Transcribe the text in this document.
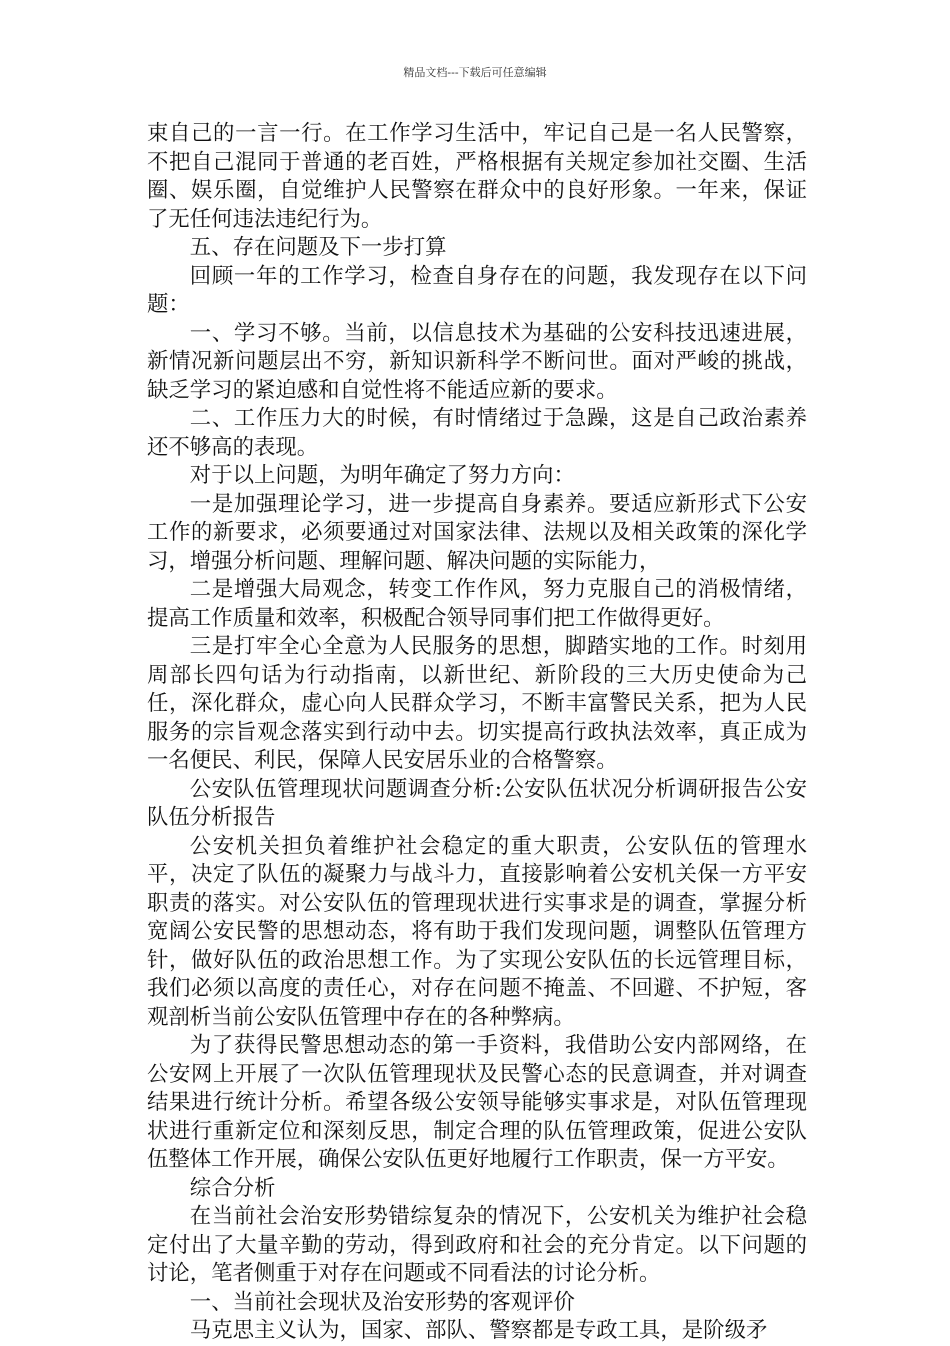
精品文档---下载后可任意编辑

束自己的一言一行。在工作学习生活中，牢记自己是一名人民警察，不把自己混同于普通的老百姓，严格根据有关规定参加社交圈、生活圈、娱乐圈，自觉维护人民警察在群众中的良好形象。一年来，保证了无任何违法违纪行为。

五、存在问题及下一步打算

回顾一年的工作学习，检查自身存在的问题，我发现存在以下问题：

一、学习不够。当前，以信息技术为基础的公安科技迅速进展，新情况新问题层出不穷，新知识新科学不断问世。面对严峻的挑战，缺乏学习的紧迫感和自觉性将不能适应新的要求。

二、工作压力大的时候，有时情绪过于急躁，这是自己政治素养还不够高的表现。

对于以上问题，为明年确定了努力方向：

一是加强理论学习，进一步提高自身素养。要适应新形式下公安工作的新要求，必须要通过对国家法律、法规以及相关政策的深化学习，增强分析问题、理解问题、解决问题的实际能力，

二是增强大局观念，转变工作作风，努力克服自己的消极情绪，提高工作质量和效率，积极配合领导同事们把工作做得更好。

三是打牢全心全意为人民服务的思想，脚踏实地的工作。时刻用周部长四句话为行动指南，以新世纪、新阶段的三大历史使命为己任，深化群众，虚心向人民群众学习，不断丰富警民关系，把为人民服务的宗旨观念落实到行动中去。切实提高行政执法效率，真正成为一名便民、利民，保障人民安居乐业的合格警察。

公安队伍管理现状问题调查分析:公安队伍状况分析调研报告公安队伍分析报告

公安机关担负着维护社会稳定的重大职责，公安队伍的管理水平，决定了队伍的凝聚力与战斗力，直接影响着公安机关保一方平安职责的落实。对公安队伍的管理现状进行实事求是的调查，掌握分析宽阔公安民警的思想动态，将有助于我们发现问题，调整队伍管理方针，做好队伍的政治思想工作。为了实现公安队伍的长远管理目标，我们必须以高度的责任心，对存在问题不掩盖、不回避、不护短，客观剖析当前公安队伍管理中存在的各种弊病。

为了获得民警思想动态的第一手资料，我借助公安内部网络，在公安网上开展了一次队伍管理现状及民警心态的民意调查，并对调查结果进行统计分析。希望各级公安领导能够实事求是，对队伍管理现状进行重新定位和深刻反思，制定合理的队伍管理政策，促进公安队伍整体工作开展，确保公安队伍更好地履行工作职责，保一方平安。

综合分析

在当前社会治安形势错综复杂的情况下，公安机关为维护社会稳定付出了大量辛勤的劳动，得到政府和社会的充分肯定。以下问题的讨论，笔者侧重于对存在问题或不同看法的讨论分析。

一、当前社会现状及治安形势的客观评价

马克思主义认为，国家、部队、警察都是专政工具，是阶级矛
